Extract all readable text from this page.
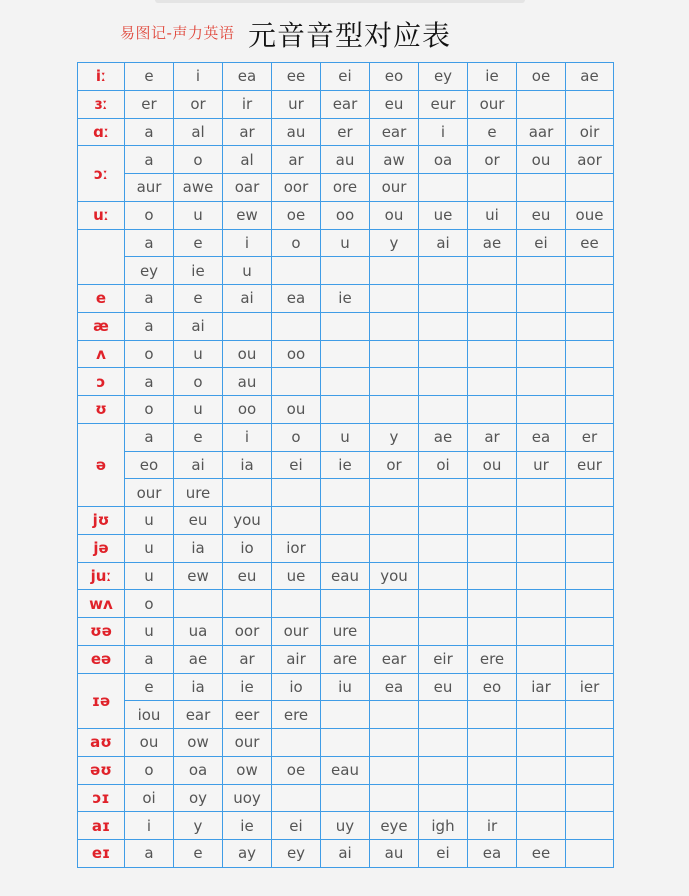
易图记-声力英语 元音音型对应表
iː	e	i	ea	ee	ei	eo	ey	ie	oe	ae
ɜː	er	or	ir	ur	ear	eu	eur	our		
ɑː	a	al	ar	au	er	ear	i	e	aar	oir
ɔː	a	o	al	ar	au	aw	oa	or	ou	aor
	aur	awe	oar	oor	ore	our				
uː	o	u	ew	oe	oo	ou	ue	ui	eu	oue
	a	e	i	o	u	y	ai	ae	ei	ee
	ey	ie	u							
e	a	e	ai	ea	ie					
æ	a	ai								
ʌ	o	u	ou	oo						
ɔ	a	o	au							
ʊ	o	u	oo	ou						
ə	a	e	i	o	u	y	ae	ar	ea	er
	eo	ai	ia	ei	ie	or	oi	ou	ur	eur
	our	ure								
jʊ	u	eu	you							
jə	u	ia	io	ior						
juː	u	ew	eu	ue	eau	you				
wʌ	o									
ʊə	u	ua	oor	our	ure					
eə	a	ae	ar	air	are	ear	eir	ere		
ɪə	e	ia	ie	io	iu	ea	eu	eo	iar	ier
	iou	ear	eer	ere						
aʊ	ou	ow	our							
əʊ	o	oa	ow	oe	eau					
ɔɪ	oi	oy	uoy							
aɪ	i	y	ie	ei	uy	eye	igh	ir		
eɪ	a	e	ay	ey	ai	au	ei	ea	ee	
